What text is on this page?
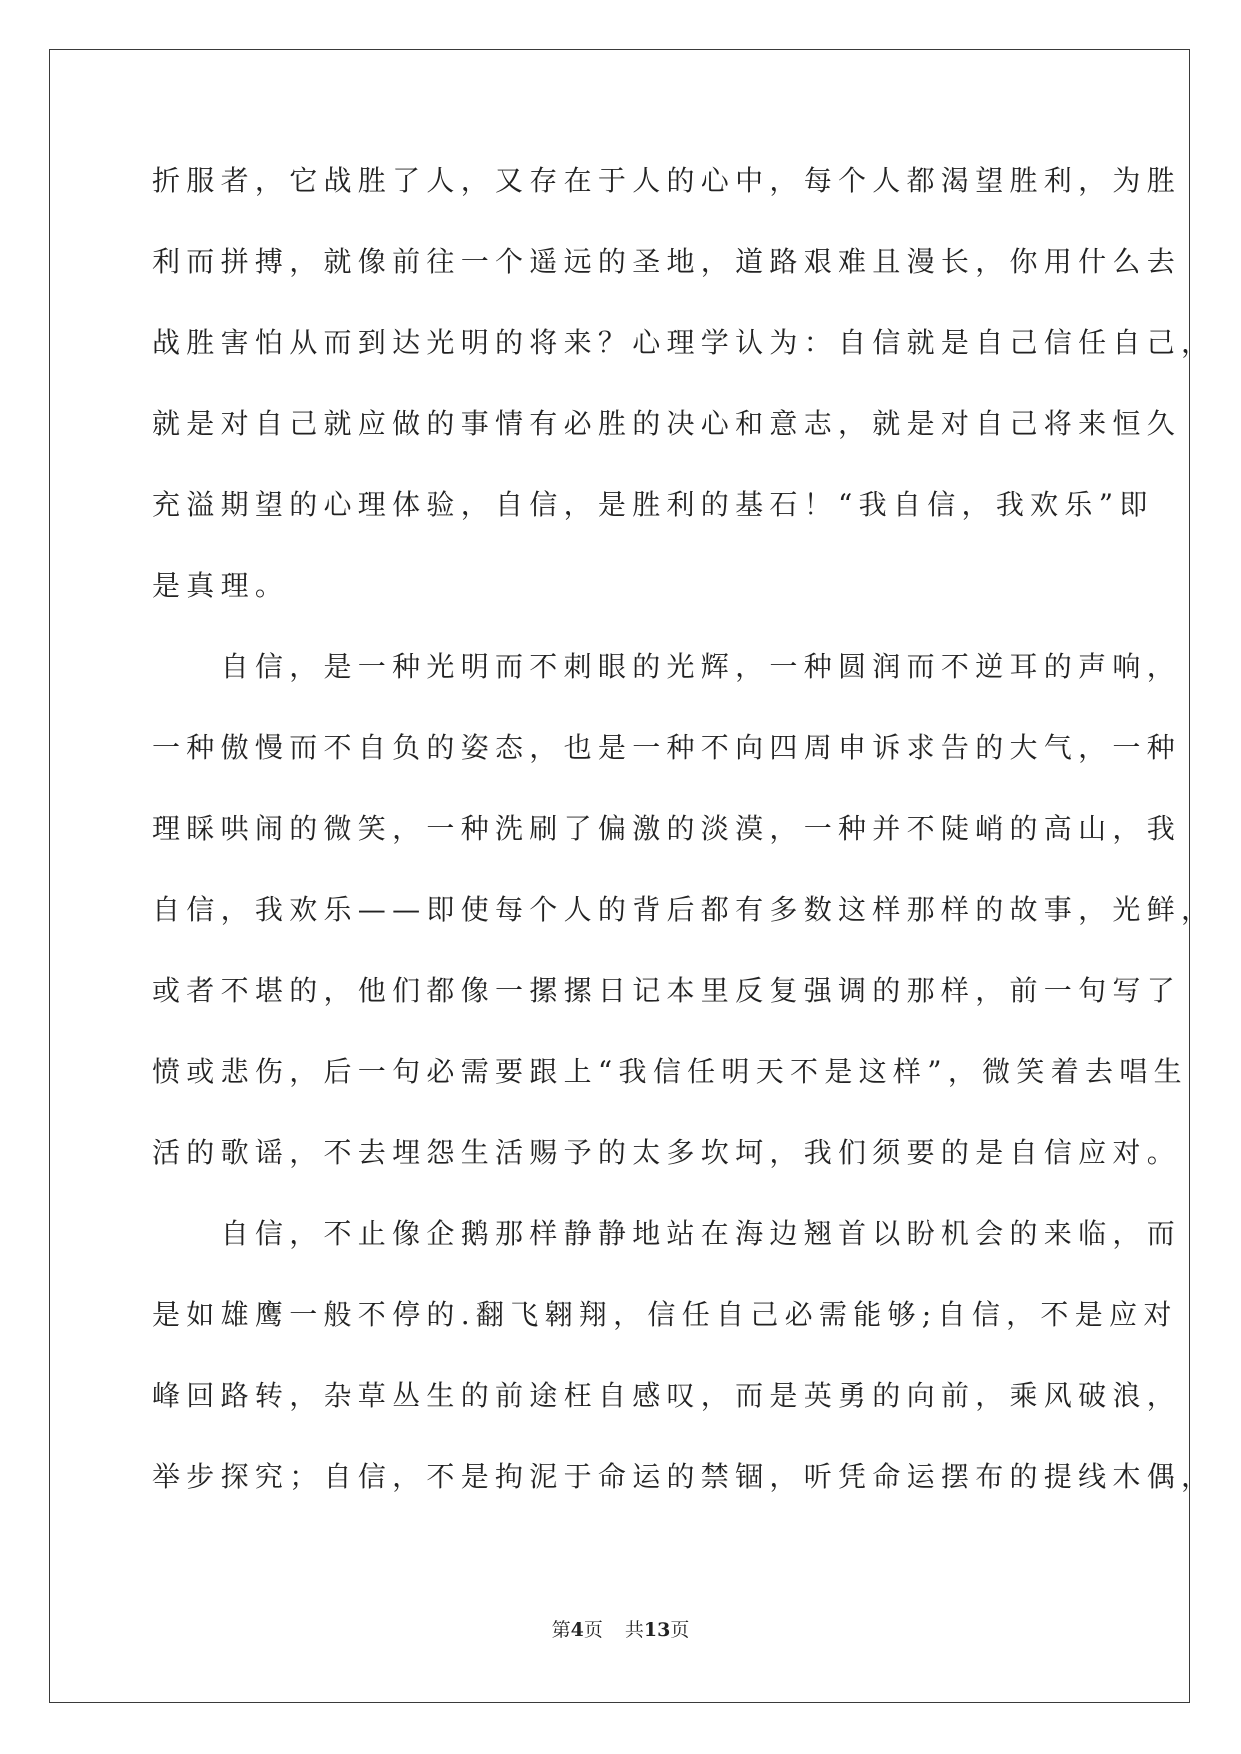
折服者，它战胜了人，又存在于人的心中，每个人都渴望胜利，为胜
利而拼搏，就像前往一个遥远的圣地，道路艰难且漫长，你用什么去
战胜害怕从而到达光明的将来？心理学认为：自信就是自己信任自己，
就是对自己就应做的事情有必胜的决心和意志，就是对自己将来恒久
充溢期望的心理体验，自信，是胜利的基石！“我自信，我欢乐”即
是真理。
　　自信，是一种光明而不刺眼的光辉，一种圆润而不逆耳的声响，
一种傲慢而不自负的姿态，也是一种不向四周申诉求告的大气，一种
理睬哄闹的微笑，一种洗刷了偏激的淡漠，一种并不陡峭的高山，我
自信，我欢乐——即使每个人的背后都有多数这样那样的故事，光鲜，
或者不堪的，他们都像一摞摞日记本里反复强调的那样，前一句写了
愤或悲伤，后一句必需要跟上“我信任明天不是这样”，微笑着去唱生
活的歌谣，不去埋怨生活赐予的太多坎坷，我们须要的是自信应对。
　　自信，不止像企鹅那样静静地站在海边翘首以盼机会的来临，而
是如雄鹰一般不停的.翻飞翱翔，信任自己必需能够;自信，不是应对
峰回路转，杂草丛生的前途枉自感叹，而是英勇的向前，乘风破浪，
举步探究；自信，不是拘泥于命运的禁锢，听凭命运摆布的提线木偶，
第4页 共13页
